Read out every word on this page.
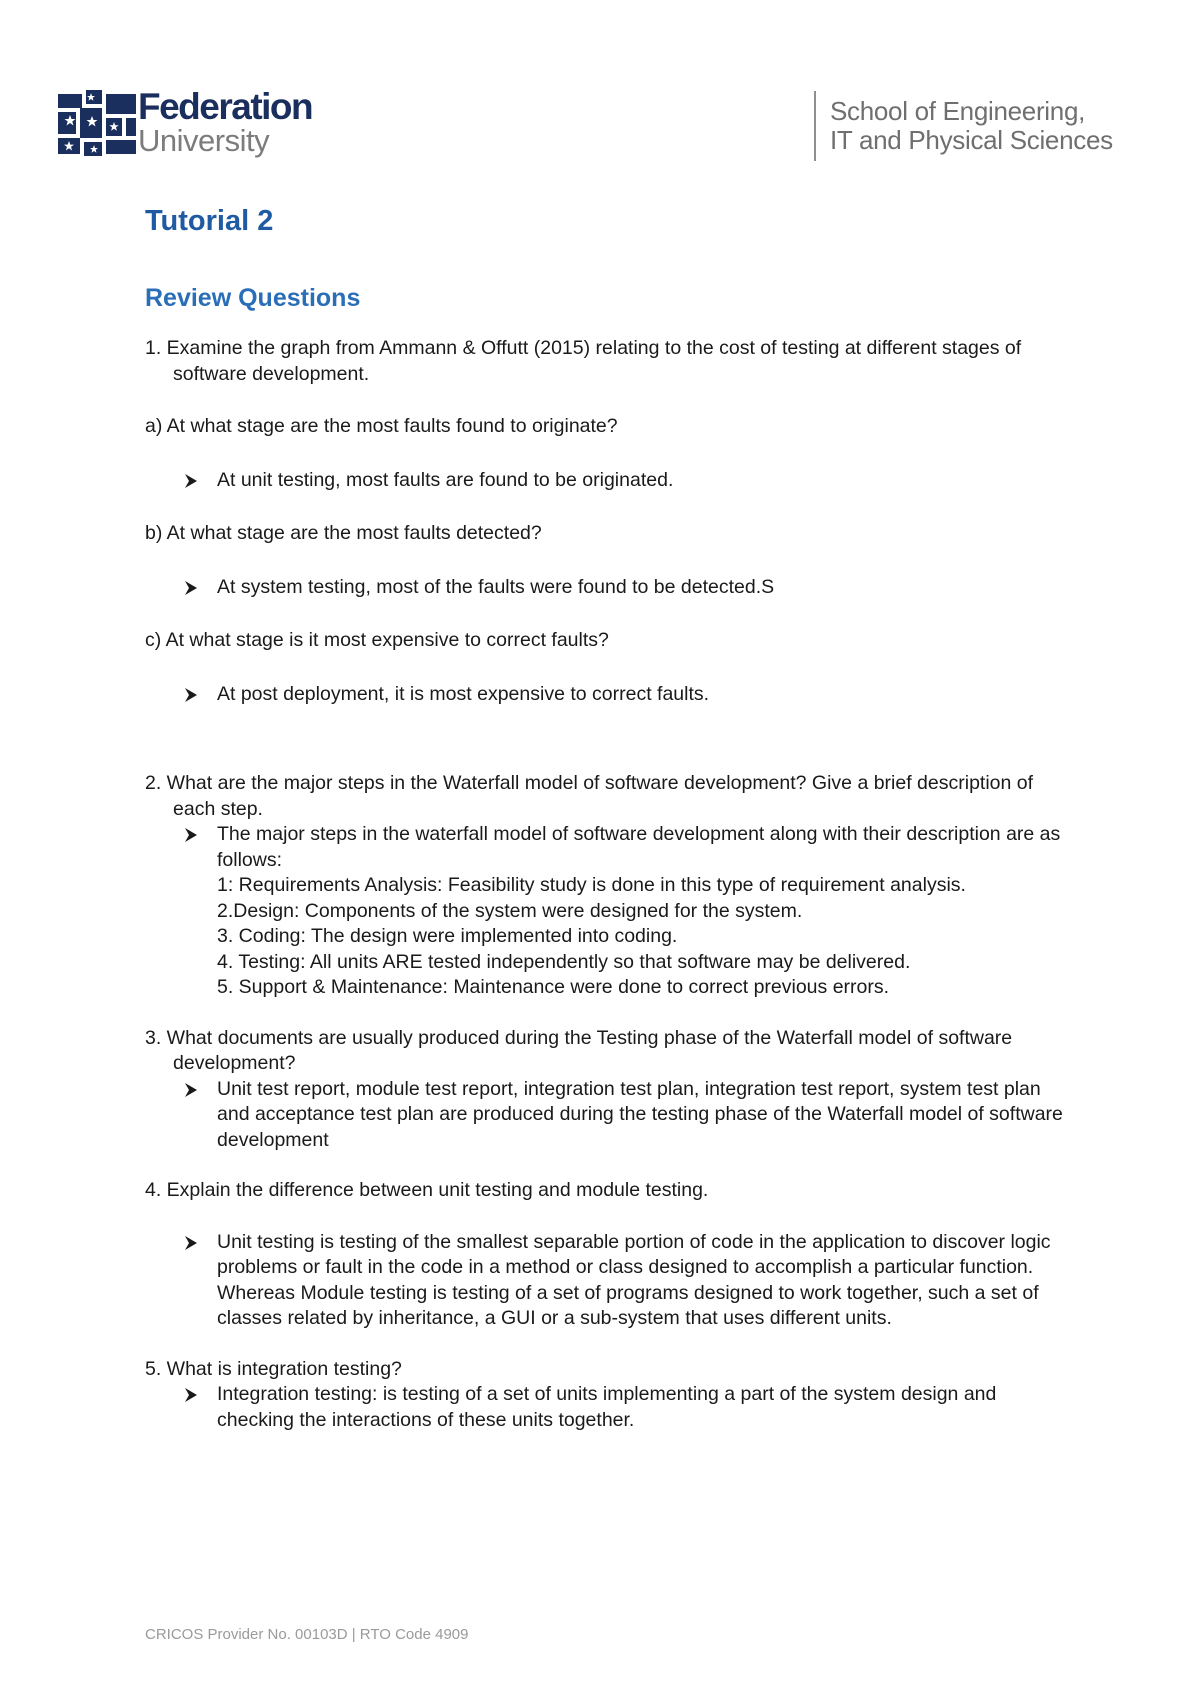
Federation
University
School of Engineering,
IT and Physical Sciences
Tutorial 2
Review Questions
1. Examine the graph from Ammann & Offutt (2015) relating to the cost of testing at different stages of software development.
a) At what stage are the most faults found to originate?
At unit testing, most faults are found to be originated.
b) At what stage are the most faults detected?
At system testing, most of the faults were found to be detected.S
c) At what stage is it most expensive to correct faults?
At post deployment, it is most expensive to correct faults.
2. What are the major steps in the Waterfall model of software development? Give a brief description of each step.
The major steps in the waterfall model of software development along with their description are as follows:
1: Requirements Analysis: Feasibility study is done in this type of requirement analysis.
2.Design: Components of the system were designed for the system.
3. Coding: The design were implemented into coding.
4. Testing: All units ARE tested independently so that software may be delivered.
5. Support & Maintenance: Maintenance were done to correct previous errors.
3. What documents are usually produced during the Testing phase of the Waterfall model of software development?
Unit test report, module test report, integration test plan, integration test report, system test plan and acceptance test plan are produced during the testing phase of the Waterfall model of software development
4. Explain the difference between unit testing and module testing.
Unit testing is testing of the smallest separable portion of code in the application to discover logic problems or fault in the code in a method or class designed to accomplish a particular function. Whereas Module testing is testing of a set of programs designed to work together, such a set of classes related by inheritance, a GUI or a sub-system that uses different units.
5. What is integration testing?
Integration testing: is testing of a set of units implementing a part of the system design and checking the interactions of these units together.
CRICOS Provider No. 00103D | RTO Code 4909
